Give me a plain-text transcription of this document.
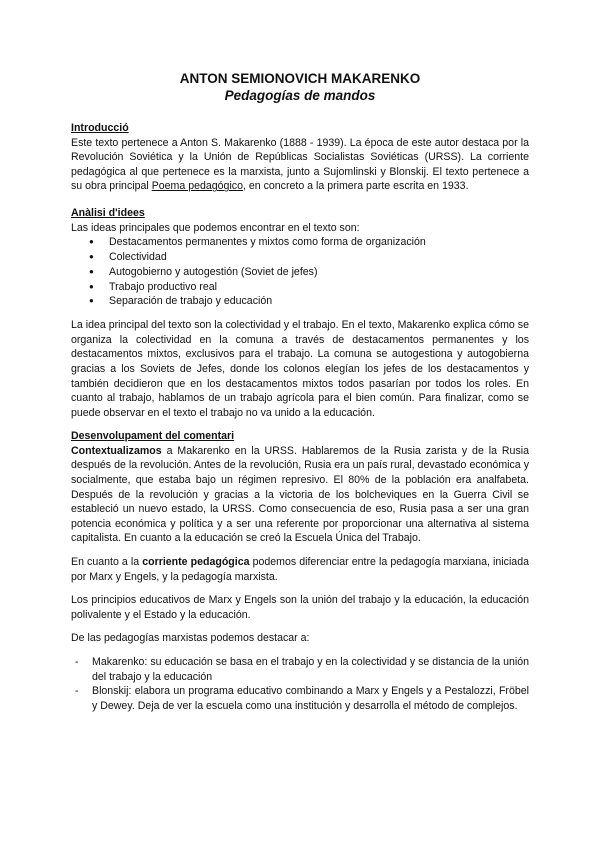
ANTON SEMIONOVICH MAKARENKO

Pedagogías de mandos

Introducció

Este texto pertenece a Anton S. Makarenko (1888 - 1939). La época de este autor destaca por la Revolución Soviética y la Unión de Repúblicas Socialistas Soviéticas (URSS). La corriente pedagógica al que pertenece es la marxista, junto a Sujomlinski y Blonskij. El texto pertenece a su obra principal Poema pedagógico, en concreto a la primera parte escrita en 1933.

Anàlisi d'idees

Las ideas principales que podemos encontrar en el texto son:

● Destacamentos permanentes y mixtos como forma de organización
● Colectividad
● Autogobierno y autogestión (Soviet de jefes)
● Trabajo productivo real
● Separación de trabajo y educación

La idea principal del texto son la colectividad y el trabajo. En el texto, Makarenko explica cómo se organiza la colectividad en la comuna a través de destacamentos permanentes y los destacamentos mixtos, exclusivos para el trabajo. La comuna se autogestiona y autogobierna gracias a los Soviets de Jefes, donde los colonos elegían los jefes de los destacamentos y también decidieron que en los destacamentos mixtos todos pasarían por todos los roles. En cuanto al trabajo, hablamos de un trabajo agrícola para el bien común. Para finalizar, como se puede observar en el texto el trabajo no va unido a la educación.

Desenvolupament del comentari

Contextualizamos a Makarenko en la URSS. Hablaremos de la Rusia zarista y de la Rusia después de la revolución. Antes de la revolución, Rusia era un país rural, devastado económica y socialmente, que estaba bajo un régimen represivo. El 80% de la población era analfabeta. Después de la revolución y gracias a la victoria de los bolcheviques en la Guerra Civil se estableció un nuevo estado, la URSS. Como consecuencia de eso, Rusia pasa a ser una gran potencia económica y política y a ser una referente por proporcionar una alternativa al sistema capitalista. En cuanto a la educación se creó la Escuela Única del Trabajo.

En cuanto a la corriente pedagógica podemos diferenciar entre la pedagogía marxiana, iniciada por Marx y Engels, y la pedagogía marxista.

Los principios educativos de Marx y Engels son la unión del trabajo y la educación, la educación polivalente y el Estado y la educación.

De las pedagogías marxistas podemos destacar a:

- Makarenko: su educación se basa en el trabajo y en la colectividad y se distancia de la unión del trabajo y la educación
- Blonskij: elabora un programa educativo combinando a Marx y Engels y a Pestalozzi, Fröbel y Dewey. Deja de ver la escuela como una institución y desarrolla el método de complejos.
